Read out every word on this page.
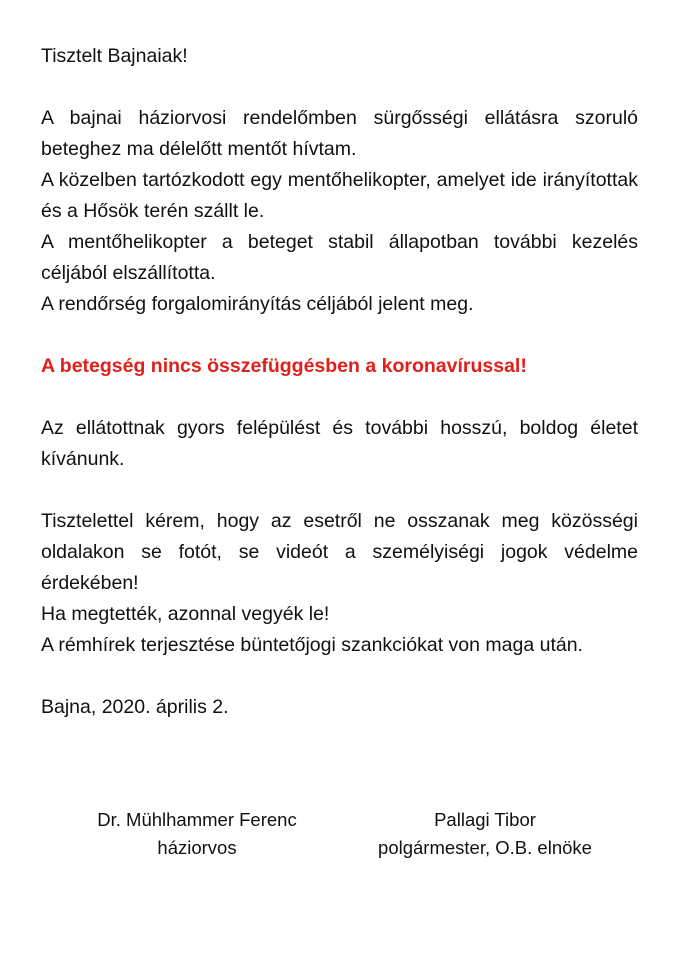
Tisztelt Bajnaiak!

A bajnai háziorvosi rendelőmben sürgősségi ellátásra szoruló beteghez ma délelőtt mentőt hívtam.

A közelben tartózkodott egy mentőhelikopter, amelyet ide irányítottak és a Hősök terén szállt le.

A mentőhelikopter a beteget stabil állapotban további kezelés céljából elszállította.

A rendőrség forgalomirányítás céljából jelent meg.

A betegség nincs összefüggésben a koronavírussal!

Az ellátottnak gyors felépülést és további hosszú, boldog életet kívánunk.

Tisztelettel kérem, hogy az esetről ne osszanak meg közösségi oldalakon se fotót, se videót a személyiségi jogok védelme érdekében!

Ha megtették, azonnal vegyék le!

A rémhírek terjesztése büntetőjogi szankciókat von maga után.

Bajna, 2020. április 2.

Dr. Mühlhammer Ferenc
háziorvos
Pallagi Tibor
polgármester, O.B. elnöke
